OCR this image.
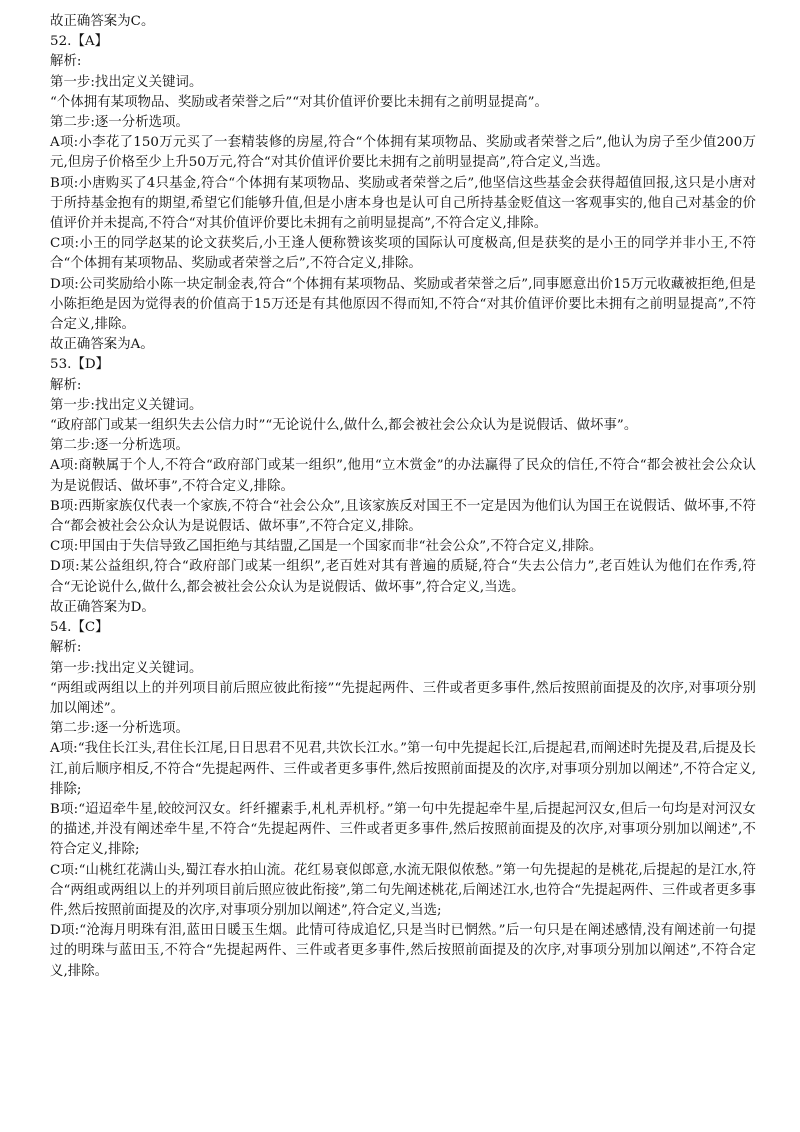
故正确答案为C。

52.【A】

解析:

第一步:找出定义关键词。

“个体拥有某项物品、奖励或者荣誉之后”“对其价值评价要比未拥有之前明显提高”。

第二步:逐一分析选项。

A项:小李花了150万元买了一套精装修的房屋,符合“个体拥有某项物品、奖励或者荣誉之后”,他认为房子至少值200万元,但房子价格至少上升50万元,符合“对其价值评价要比未拥有之前明显提高”,符合定义,当选。

B项:小唐购买了4只基金,符合“个体拥有某项物品、奖励或者荣誉之后”,他坚信这些基金会获得超值回报,这只是小唐对于所持基金抱有的期望,希望它们能够升值,但是小唐本身也是认可自己所持基金贬值这一客观事实的,他自己对基金的价值评价并未提高,不符合“对其价值评价要比未拥有之前明显提高”,不符合定义,排除。

C项:小王的同学赵某的论文获奖后,小王逢人便称赞该奖项的国际认可度极高,但是获奖的是小王的同学并非小王,不符合“个体拥有某项物品、奖励或者荣誉之后”,不符合定义,排除。

D项:公司奖励给小陈一块定制金表,符合“个体拥有某项物品、奖励或者荣誉之后”,同事愿意出价15万元收藏被拒绝,但是小陈拒绝是因为觉得表的价值高于15万还是有其他原因不得而知,不符合“对其价值评价要比未拥有之前明显提高”,不符合定义,排除。

故正确答案为A。

53.【D】

解析:

第一步:找出定义关键词。

“政府部门或某一组织失去公信力时”“无论说什么,做什么,都会被社会公众认为是说假话、做坏事”。

第二步:逐一分析选项。

A项:商鞅属于个人,不符合“政府部门或某一组织”,他用“立木赏金”的办法赢得了民众的信任,不符合“都会被社会公众认为是说假话、做坏事”,不符合定义,排除。

B项:西斯家族仅代表一个家族,不符合“社会公众”,且该家族反对国王不一定是因为他们认为国王在说假话、做坏事,不符合“都会被社会公众认为是说假话、做坏事”,不符合定义,排除。

C项:甲国由于失信导致乙国拒绝与其结盟,乙国是一个国家而非“社会公众”,不符合定义,排除。

D项:某公益组织,符合“政府部门或某一组织”,老百姓对其有普遍的质疑,符合“失去公信力”,老百姓认为他们在作秀,符合“无论说什么,做什么,都会被社会公众认为是说假话、做坏事”,符合定义,当选。

故正确答案为D。

54.【C】

解析:

第一步:找出定义关键词。

“两组或两组以上的并列项目前后照应彼此衔接”“先提起两件、三件或者更多事件,然后按照前面提及的次序,对事项分别加以阐述”。

第二步:逐一分析选项。

A项:“我住长江头,君住长江尾,日日思君不见君,共饮长江水。”第一句中先提起长江,后提起君,而阐述时先提及君,后提及长江,前后顺序相反,不符合“先提起两件、三件或者更多事件,然后按照前面提及的次序,对事项分别加以阐述”,不符合定义,排除;

B项:“迢迢牵牛星,皎皎河汉女。纤纤擢素手,札札弄机杼。”第一句中先提起牵牛星,后提起河汉女,但后一句均是对河汉女的描述,并没有阐述牵牛星,不符合“先提起两件、三件或者更多事件,然后按照前面提及的次序,对事项分别加以阐述”,不符合定义,排除;

C项:“山桃红花满山头,蜀江春水拍山流。花红易衰似郎意,水流无限似侬愁。”第一句先提起的是桃花,后提起的是江水,符合“两组或两组以上的并列项目前后照应彼此衔接”,第二句先阐述桃花,后阐述江水,也符合“先提起两件、三件或者更多事件,然后按照前面提及的次序,对事项分别加以阐述”,符合定义,当选;

D项:“沧海月明珠有泪,蓝田日暖玉生烟。此情可待成追忆,只是当时已惘然。”后一句只是在阐述感情,没有阐述前一句提过的明珠与蓝田玉,不符合“先提起两件、三件或者更多事件,然后按照前面提及的次序,对事项分别加以阐述”,不符合定义,排除。
